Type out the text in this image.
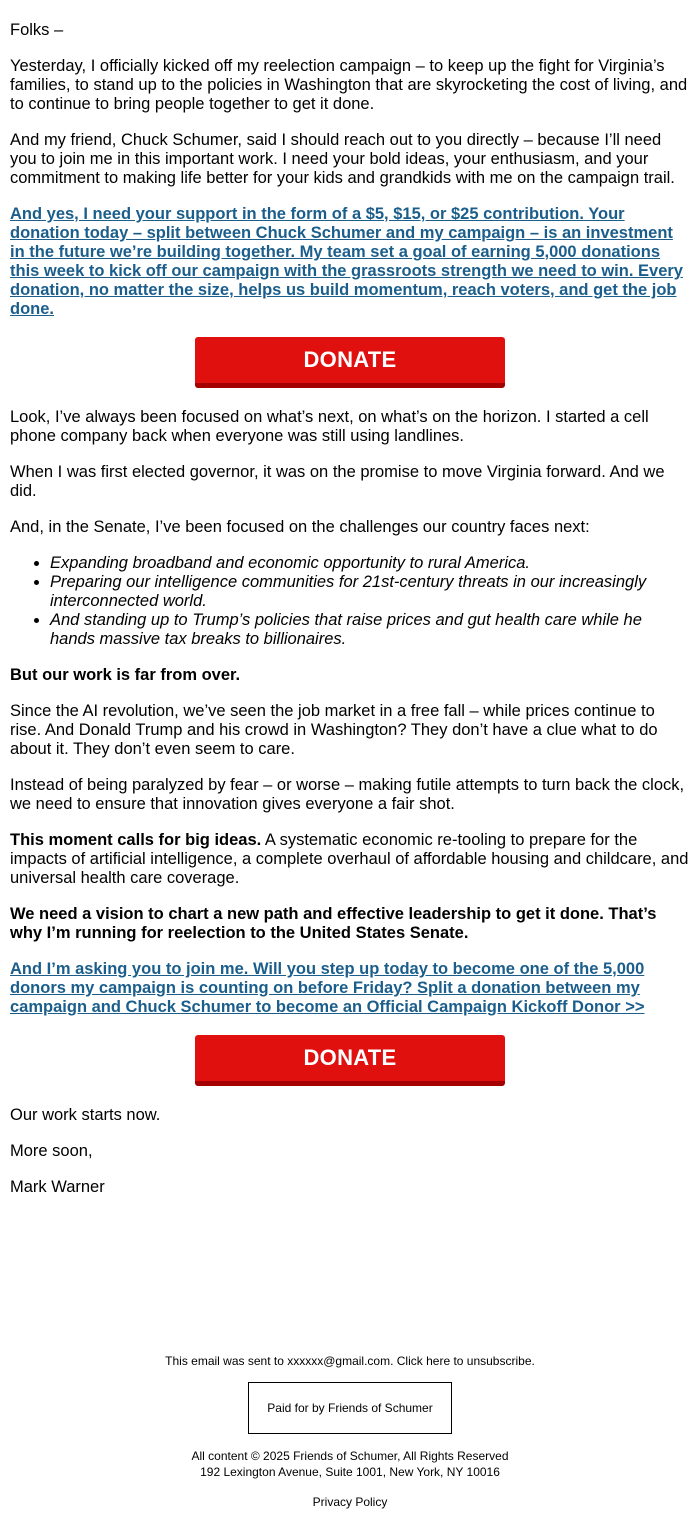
Folks –

Yesterday, I officially kicked off my reelection campaign – to keep up the fight for Virginia’s families, to stand up to the policies in Washington that are skyrocketing the cost of living, and to continue to bring people together to get it done.

And my friend, Chuck Schumer, said I should reach out to you directly – because I’ll need you to join me in this important work. I need your bold ideas, your enthusiasm, and your commitment to making life better for your kids and grandkids with me on the campaign trail.

And yes, I need your support in the form of a $5, $15, or $25 contribution. Your donation today – split between Chuck Schumer and my campaign – is an investment in the future we’re building together. My team set a goal of earning 5,000 donations this week to kick off our campaign with the grassroots strength we need to win. Every donation, no matter the size, helps us build momentum, reach voters, and get the job done.
DONATE

Look, I’ve always been focused on what’s next, on what’s on the horizon. I started a cell phone company back when everyone was still using landlines.

When I was first elected governor, it was on the promise to move Virginia forward. And we did.

And, in the Senate, I’ve been focused on the challenges our country faces next:

• Expanding broadband and economic opportunity to rural America.
• Preparing our intelligence communities for 21st-century threats in our increasingly interconnected world.
• And standing up to Trump’s policies that raise prices and gut health care while he hands massive tax breaks to billionaires.

But our work is far from over.

Since the AI revolution, we’ve seen the job market in a free fall – while prices continue to rise. And Donald Trump and his crowd in Washington? They don’t have a clue what to do about it. They don’t even seem to care.

Instead of being paralyzed by fear – or worse – making futile attempts to turn back the clock, we need to ensure that innovation gives everyone a fair shot.

This moment calls for big ideas. A systematic economic re-tooling to prepare for the impacts of artificial intelligence, a complete overhaul of affordable housing and childcare, and universal health care coverage.

We need a vision to chart a new path and effective leadership to get it done. That’s why I’m running for reelection to the United States Senate.

And I’m asking you to join me. Will you step up today to become one of the 5,000 donors my campaign is counting on before Friday? Split a donation between my campaign and Chuck Schumer to become an Official Campaign Kickoff Donor >>
DONATE

Our work starts now.

More soon,

Mark Warner

This email was sent to xxxxxx@gmail.com. Click here to unsubscribe.

Paid for by Friends of Schumer

All content © 2025 Friends of Schumer, All Rights Reserved

192 Lexington Avenue, Suite 1001, New York, NY 10016

Privacy Policy
